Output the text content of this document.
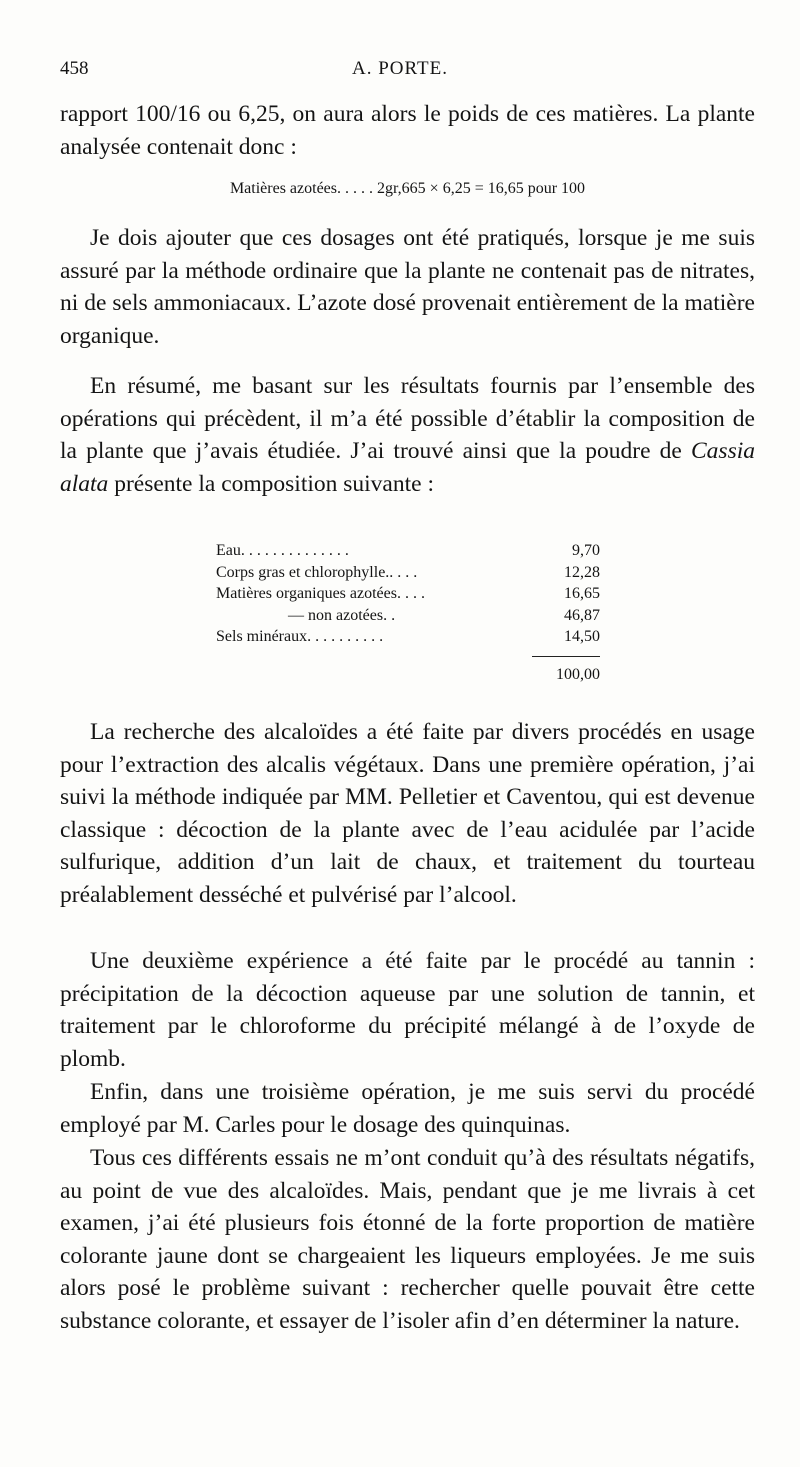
458	A. PORTE.
rapport 100/16 ou 6,25, on aura alors le poids de ces matières. La plante analysée contenait donc :
Matières azotées. . . . . 2gr,665 × 6,25 = 16,65 pour 100
Je dois ajouter que ces dosages ont été pratiqués, lorsque je me suis assuré par la méthode ordinaire que la plante ne contenait pas de nitrates, ni de sels ammoniacaux. L’azote dosé provenait entièrement de la matière organique.
En résumé, me basant sur les résultats fournis par l’ensemble des opérations qui précèdent, il m’a été possible d’établir la composition de la plante que j’avais étudiée. J’ai trouvé ainsi que la poudre de Cassia alata présente la composition suivante :
Eau. . . . . . . . . . . . . .	9,70
Corps gras et chlorophylle.. . . .	12,28
Matières organiques azotées. . . .	16,65
— non azotées. .	46,87
Sels minéraux. . . . . . . . . .	14,50
100,00
La recherche des alcaloïdes a été faite par divers procédés en usage pour l’extraction des alcalis végétaux. Dans une première opération, j’ai suivi la méthode indiquée par MM. Pelletier et Caventou, qui est devenue classique : décoction de la plante avec de l’eau acidulée par l’acide sulfurique, addition d’un lait de chaux, et traitement du tourteau préalablement desséché et pulvérisé par l’alcool.
Une deuxième expérience a été faite par le procédé au tannin : précipitation de la décoction aqueuse par une solution de tannin, et traitement par le chloroforme du précipité mélangé à de l’oxyde de plomb.
Enfin, dans une troisième opération, je me suis servi du procédé employé par M. Carles pour le dosage des quinquinas.
Tous ces différents essais ne m’ont conduit qu’à des résultats négatifs, au point de vue des alcaloïdes. Mais, pendant que je me livrais à cet examen, j’ai été plusieurs fois étonné de la forte proportion de matière colorante jaune dont se chargeaient les liqueurs employées. Je me suis alors posé le problème suivant : rechercher quelle pouvait être cette substance colorante, et essayer de l’isoler afin d’en déterminer la nature.
